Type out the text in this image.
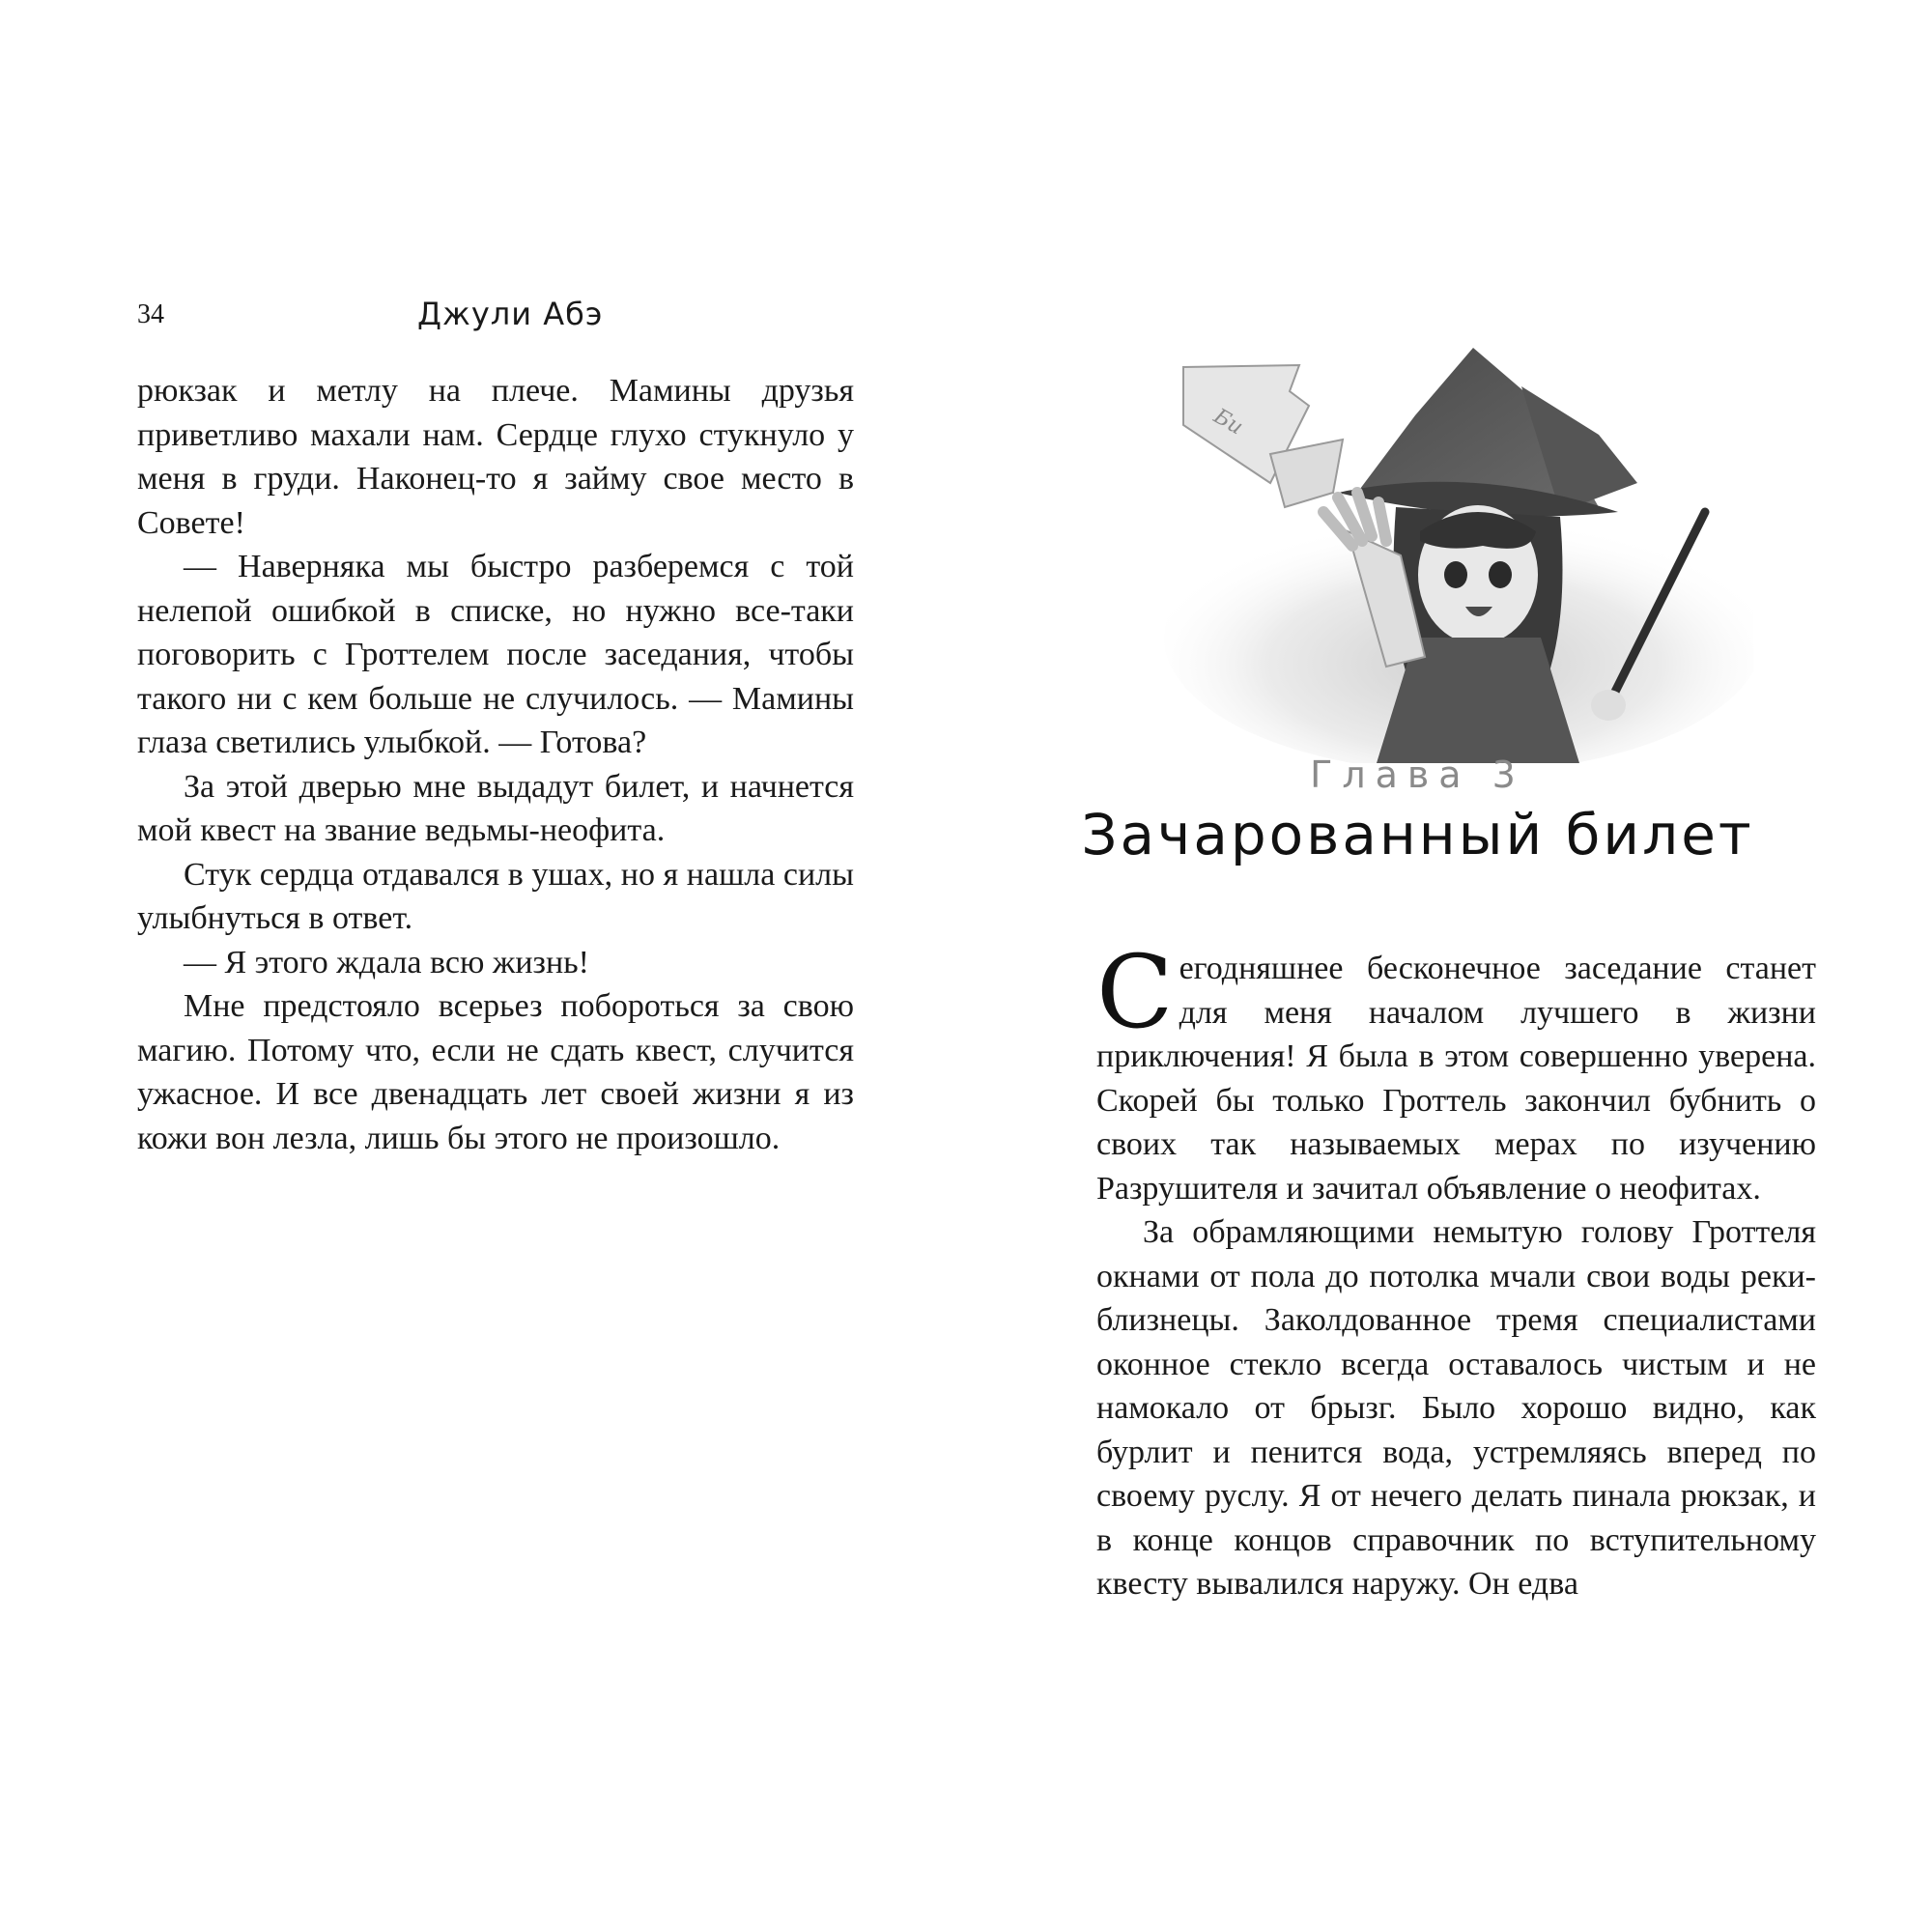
34	Джули Абэ

рюкзак и метлу на плече. Мамины друзья приветливо махали нам. Сердце глухо стукнуло у меня в груди. Наконец-то я займу свое место в Совете!

— Наверняка мы быстро разберемся с той нелепой ошибкой в списке, но нужно все-таки поговорить с Гроттелем после заседания, чтобы такого ни с кем больше не случилось. — Мамины глаза светились улыбкой. — Готова?

За этой дверью мне выдадут билет, и начнется мой квест на звание ведьмы-неофита.

Стук сердца отдавался в ушах, но я нашла силы улыбнуться в ответ.

— Я этого ждала всю жизнь!

Мне предстояло всерьез побороться за свою магию. Потому что, если не сдать квест, случится ужасное. И все двенадцать лет своей жизни я из кожи вон лезла, лишь бы этого не произошло.

Би
Глава 3
Зачарованный билет

Сегодняшнее бесконечное заседание станет для меня началом лучшего в жизни приключения! Я была в этом совершенно уверена. Скорей бы только Гроттель закончил бубнить о своих так называемых мерах по изучению Разрушителя и зачитал объявление о неофитах.

За обрамляющими немытую голову Гроттеля окнами от пола до потолка мчали свои воды реки-близнецы. Заколдованное тремя специалистами оконное стекло всегда оставалось чистым и не намокало от брызг. Было хорошо видно, как бурлит и пенится вода, устремляясь вперед по своему руслу. Я от нечего делать пинала рюкзак, и в конце концов справочник по вступительному квесту вывалился наружу. Он едва
